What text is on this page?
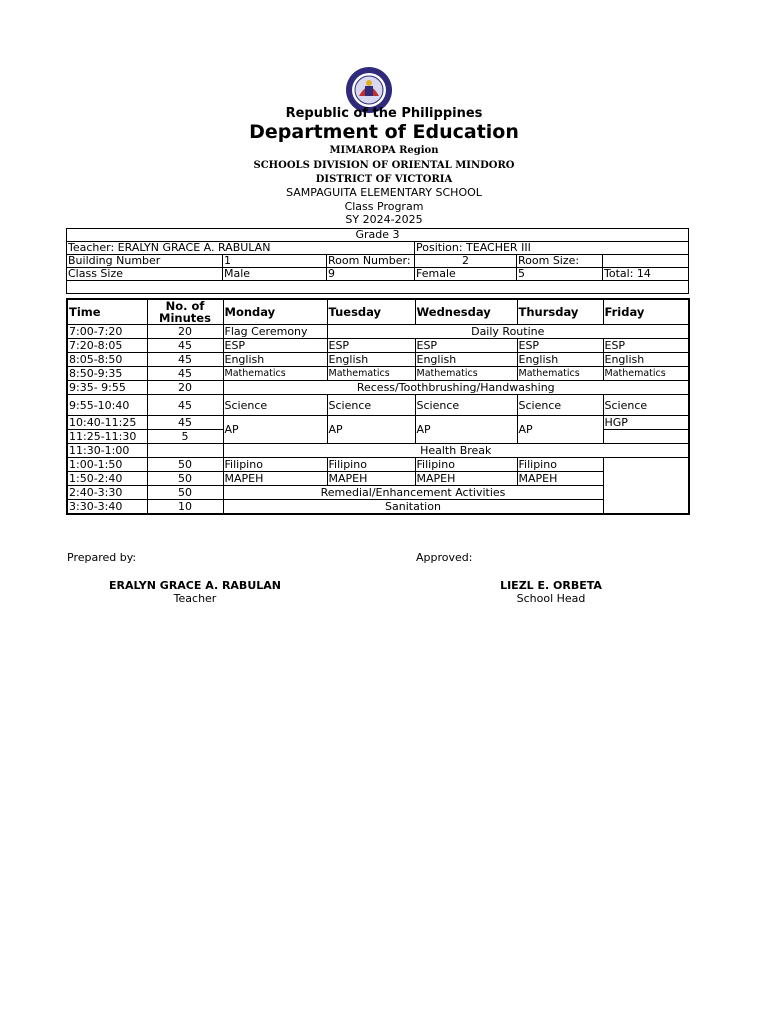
Republic of the Philippines
Department of Education
MIMAROPA Region
SCHOOLS DIVISION OF ORIENTAL MINDORO
DISTRICT OF VICTORIA
SAMPAGUITA ELEMENTARY SCHOOL
Class Program
SY 2024-2025
Grade 3					
Teacher: ERALYN GRACE A. RABULAN			Position: TEACHER III		
Building Number	1	Room Number:	2	Room Size:	
Class Size	Male	9	Female	5	Total: 14

Time	No. of Minutes	Monday	Tuesday	Wednesday	Thursday	Friday
7:00-7:20	20	Flag Ceremony	Daily Routine			
7:20-8:05	45	ESP	ESP	ESP	ESP	ESP
8:05-8:50	45	English	English	English	English	English
8:50-9:35	45	Mathematics	Mathematics	Mathematics	Mathematics	Mathematics
9:35- 9:55	20	Recess/Toothbrushing/Handwashing				
9:55-10:40	45	Science	Science	Science	Science	Science
10:40-11:25	45	AP	AP	AP	AP	HGP
11:25-11:30	5					
11:30-1:00		Health Break				
1:00-1:50	50	Filipino	Filipino	Filipino	Filipino	
1:50-2:40	50	MAPEH	MAPEH	MAPEH	MAPEH	
2:40-3:30	50	Remedial/Enhancement Activities				
3:30-3:40	10	Sanitation				
Prepared by:	Approved:
ERALYN GRACE A. RABULAN
Teacher
LIEZL E. ORBETA
School Head
